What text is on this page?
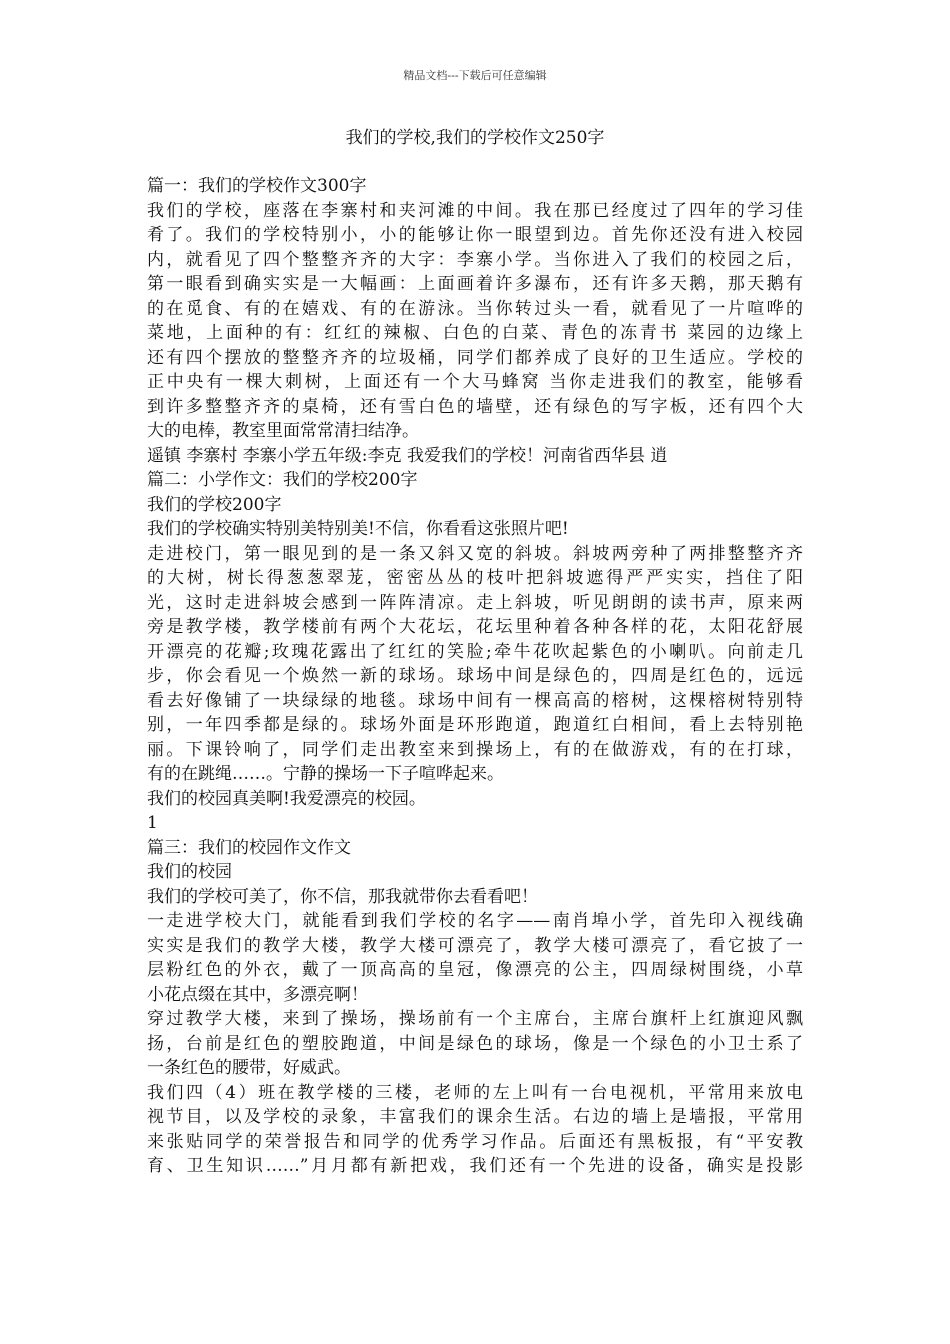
精品文档---下载后可任意编辑
我们的学校,我们的学校作文250字

篇一：我们的学校作文300字

我们的学校，座落在李寨村和夹河滩的中间。我在那已经度过了四年的学习佳

肴了。我们的学校特别小，小的能够让你一眼望到边。首先你还没有进入校园

内，就看见了四个整整齐齐的大字：李寨小学。当你进入了我们的校园之后，

第一眼看到确实实是一大幅画：上面画着许多瀑布，还有许多天鹅，那天鹅有

的在觅食、有的在嬉戏、有的在游泳。当你转过头一看，就看见了一片喧哗的

菜地，上面种的有：红红的辣椒、白色的白菜、青色的冻青书 菜园的边缘上

还有四个摆放的整整齐齐的垃圾桶，同学们都养成了良好的卫生适应。学校的

正中央有一棵大刺树，上面还有一个大马蜂窝 当你走进我们的教室，能够看

到许多整整齐齐的桌椅，还有雪白色的墙壁，还有绿色的写字板，还有四个大

大的电棒，教室里面常常清扫结净。

遥镇 李寨村 李寨小学五年级:李克 我爱我们的学校！河南省西华县 逍

篇二：小学作文：我们的学校200字

我们的学校200字

我们的学校确实特别美特别美!不信，你看看这张照片吧!

走进校门，第一眼见到的是一条又斜又宽的斜坡。斜坡两旁种了两排整整齐齐

的大树，树长得葱葱翠茏，密密丛丛的枝叶把斜坡遮得严严实实，挡住了阳

光，这时走进斜坡会感到一阵阵清凉。走上斜坡，听见朗朗的读书声，原来两

旁是教学楼，教学楼前有两个大花坛，花坛里种着各种各样的花，太阳花舒展

开漂亮的花瓣;玫瑰花露出了红红的笑脸;牵牛花吹起紫色的小喇叭。向前走几

步，你会看见一个焕然一新的球场。球场中间是绿色的，四周是红色的，远远

看去好像铺了一块绿绿的地毯。球场中间有一棵高高的榕树，这棵榕树特别特

别，一年四季都是绿的。球场外面是环形跑道，跑道红白相间，看上去特别艳

丽。下课铃响了，同学们走出教室来到操场上，有的在做游戏，有的在打球，

有的在跳绳……。宁静的操场一下子喧哗起来。

我们的校园真美啊!我爱漂亮的校园。

1

篇三：我们的校园作文作文

我们的校园

我们的学校可美了，你不信，那我就带你去看看吧！

一走进学校大门，就能看到我们学校的名字——南肖埠小学，首先印入视线确

实实是我们的教学大楼，教学大楼可漂亮了，教学大楼可漂亮了，看它披了一

层粉红色的外衣，戴了一顶高高的皇冠，像漂亮的公主，四周绿树围绕，小草

小花点缀在其中，多漂亮啊！

穿过教学大楼，来到了操场，操场前有一个主席台，主席台旗杆上红旗迎风飘

扬，台前是红色的塑胶跑道，中间是绿色的球场，像是一个绿色的小卫士系了

一条红色的腰带，好威武。

我们四（4）班在教学楼的三楼，老师的左上叫有一台电视机，平常用来放电

视节目，以及学校的录象，丰富我们的课余生活。右边的墙上是墙报，平常用

来张贴同学的荣誉报告和同学的优秀学习作品。后面还有黑板报，有“平安教

育、卫生知识……”月月都有新把戏，我们还有一个先进的设备，确实是投影
